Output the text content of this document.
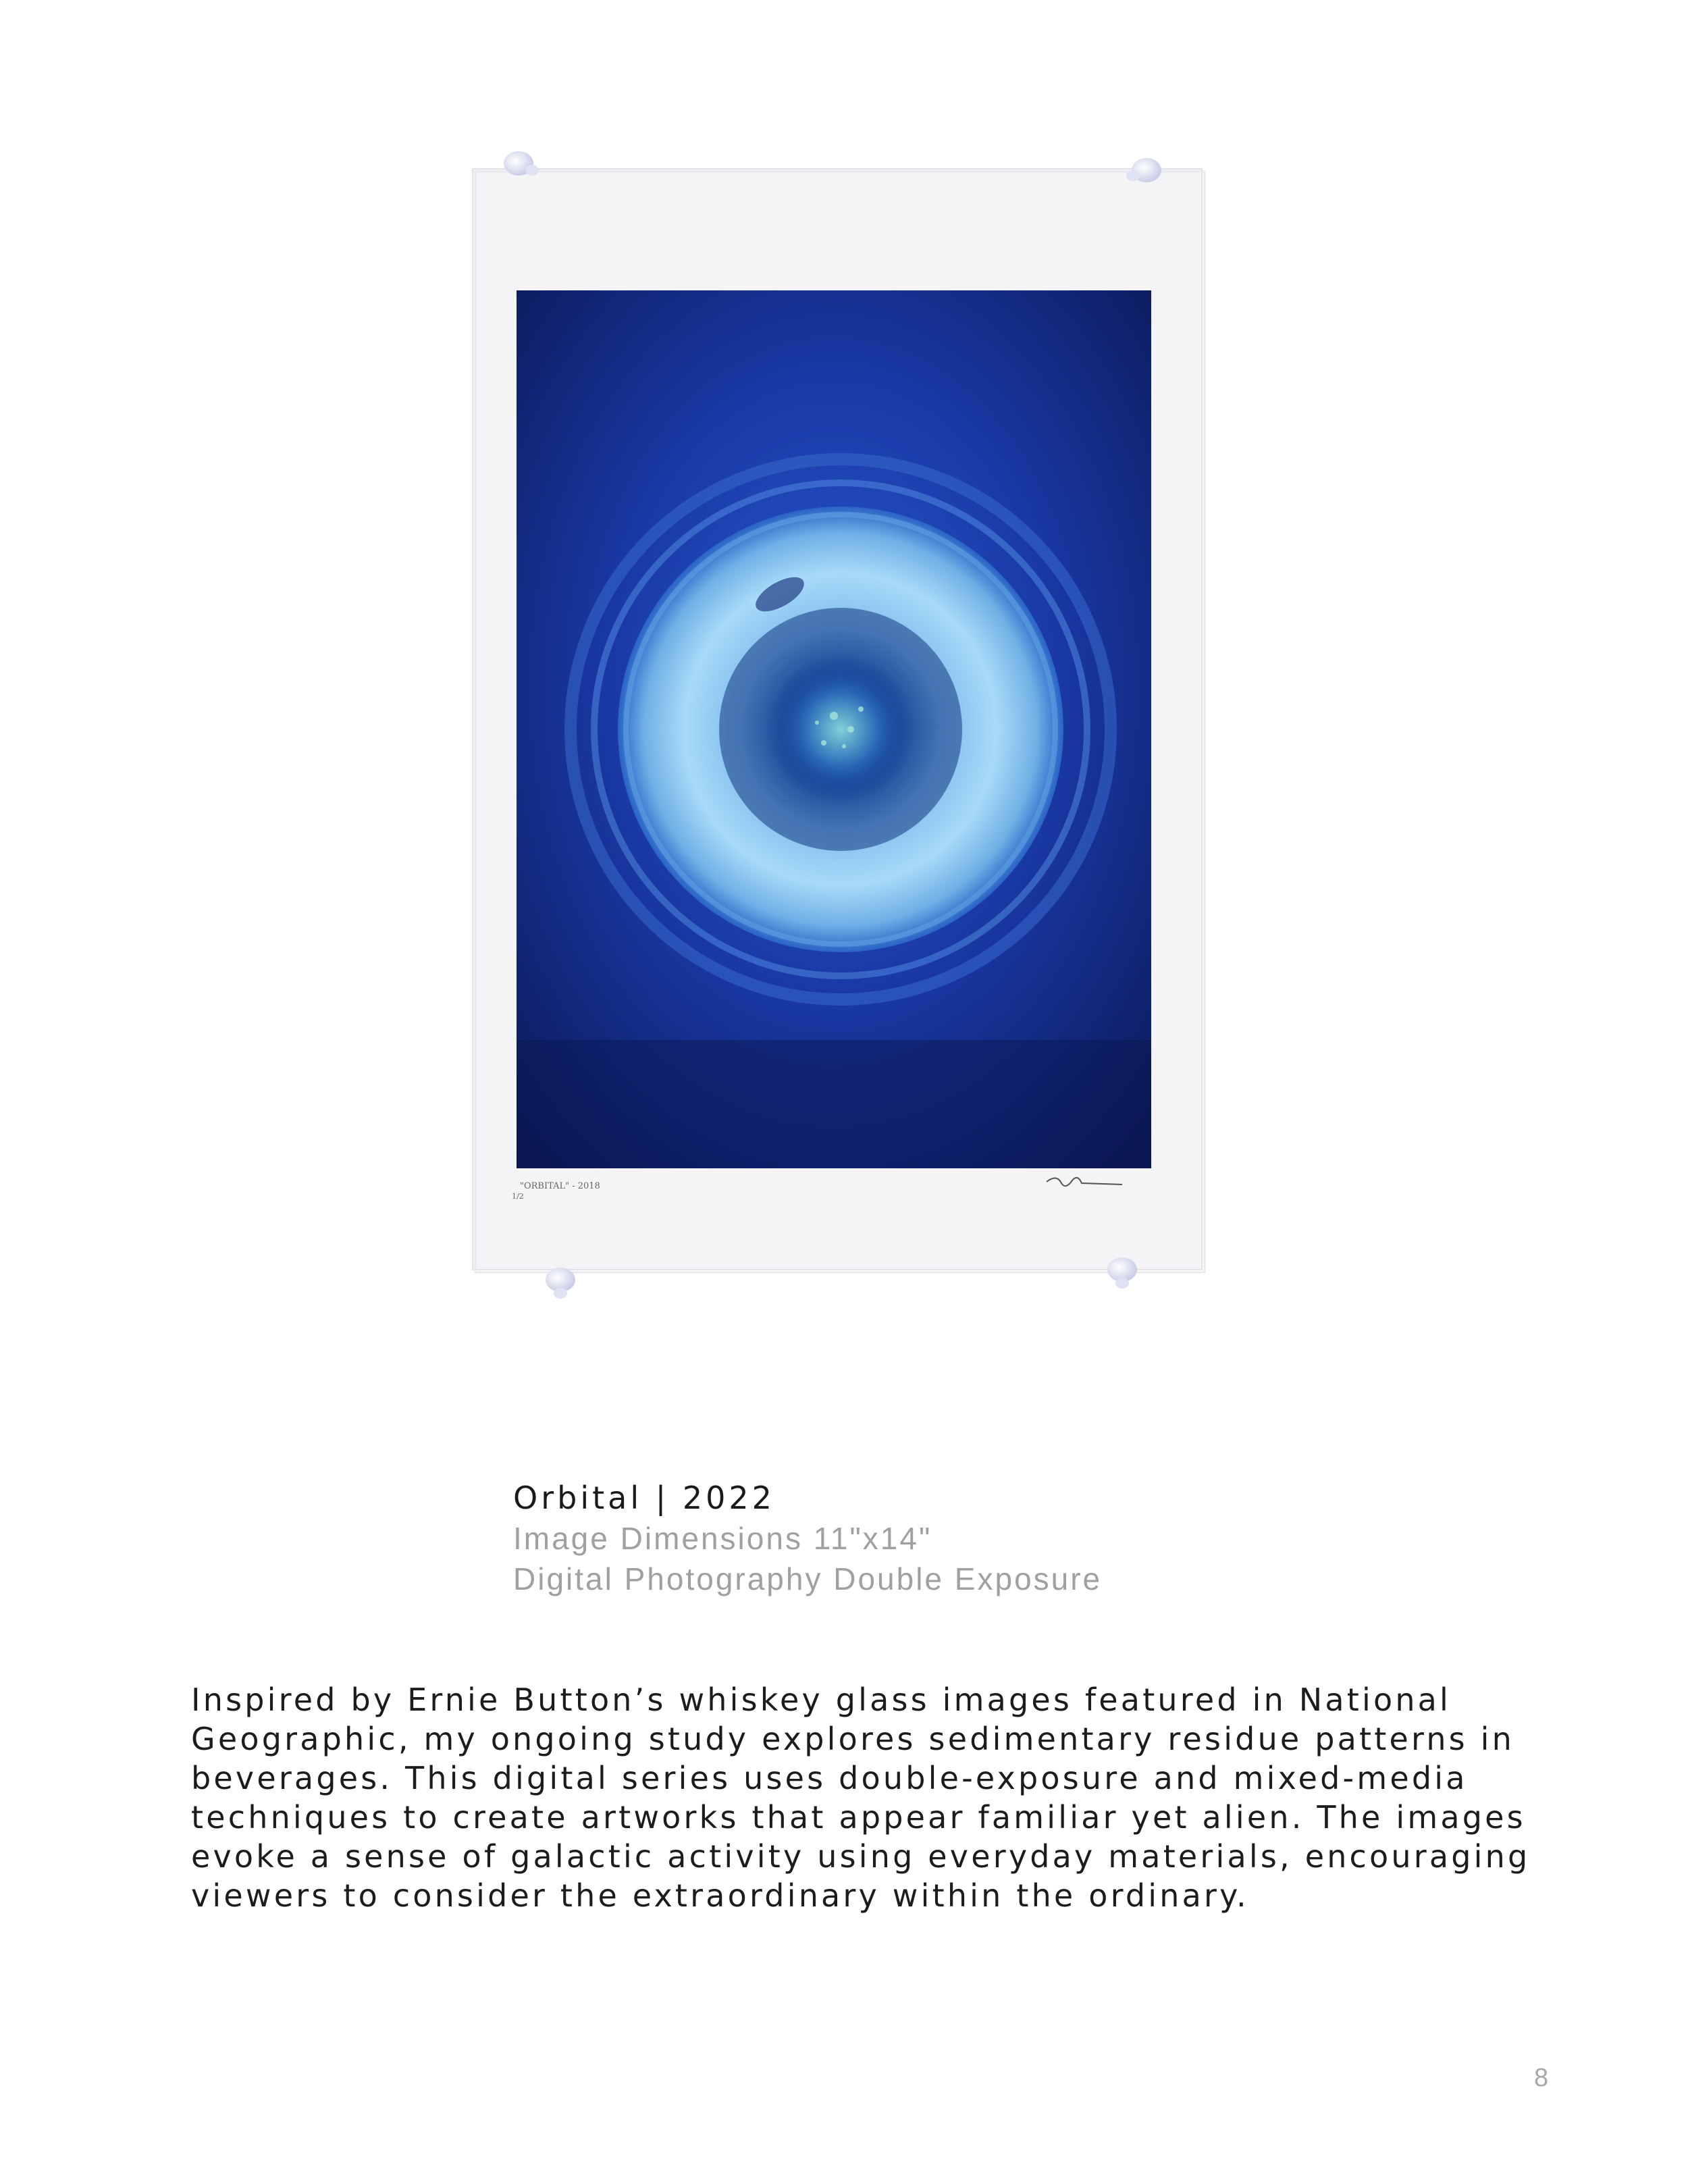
"ORBITAL" - 2018
1/2
Orbital | 2022
Image Dimensions 11"x14"
Digital Photography Double Exposure
Inspired by Ernie Button’s whiskey glass images featured in National
Geographic, my ongoing study explores sedimentary residue patterns in
beverages. This digital series uses double-exposure and mixed-media
techniques to create artworks that appear familiar yet alien. The images
evoke a sense of galactic activity using everyday materials, encouraging
viewers to consider the extraordinary within the ordinary.
8
